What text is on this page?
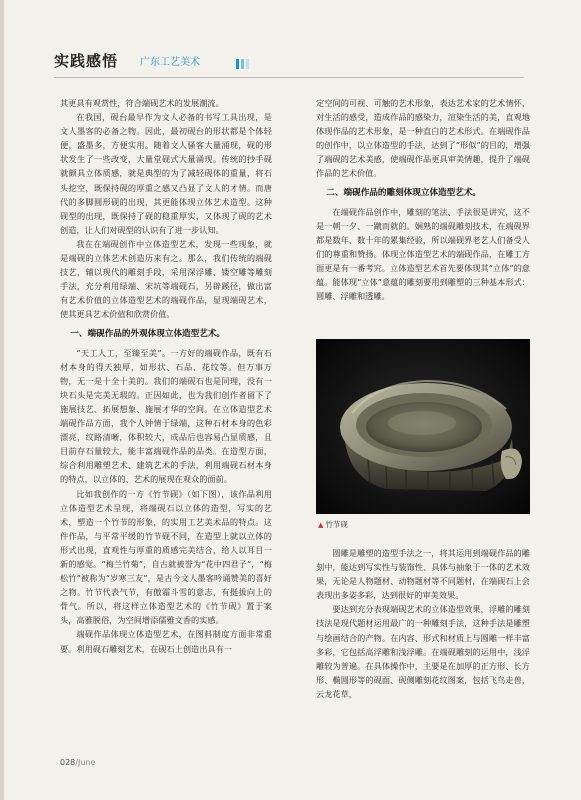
实践感悟 广东工艺美术

其更具有观赏性，符合端砚艺术的发展潮流。

在我国，砚台最早作为文人必备的书写工具出现，是文人墨客的必备之物。因此，最初砚台的形状都是个体轻便，盛墨多，方便实用。随着文人骚客大量涌现，砚的形状发生了一些改变，大量堂砚式大量涌现。传统的抄手砚就颇具立体质感，就是典型的为了减轻砚体的重量，将石头挖空，既保持砚的厚重之感又凸显了文人的才情。而唐代的多脚圆形砚的出现，其更能体现立体艺术造型。这种砚型的出现，既保持了砚的稳重厚实，又体现了砚的艺术创造，让人们对砚型的认识有了进一步认知。

我在在端砚创作中立体造型艺术，发现一些现象，就是端砚的立体艺术创造历来有之。那么，我们传统的端砚技艺，辅以现代的雕刻手段，采用深浮雕、镂空雕等雕刻手法，充分利用绿端、宋坑等端砚石，另辟蹊径，做出富有艺术价值的立体造型艺术的端砚作品，显现端砚艺术，使其更具艺术价值和欣赏价值。

一、端砚作品的外观体现立体造型艺术。

“天工人工，至臻至美”。一方好的端砚作品，既有石材本身的得天独厚，如形状、石品、花纹等。但万事万物，无一是十全十美的。我们的端砚石也是同理，没有一块石头是完美无瑕的。正因如此，也为我们创作者留下了施展技艺、拓展想象、施展才华的空间。在立体造型艺术端砚作品方面，我个人钟情于绿端，这种石材本身的色彩漂亮，纹路清晰，体积较大，成品后也容易凸显质感，且目前存石量较大，能丰富端砚作品的品类。在造型方面，综合利用雕塑艺术、建筑艺术的手法，利用端砚石材本身的特点，以立体的、艺术的展现在观众的面前。

比如我创作的一方《竹节砚》（如下图），该作品利用立体造型艺术呈现，将端砚石以立体的造型，写实的艺术，塑造一个竹节的形象，的实用工艺美术品的特点。这件作品，与平常平缓的竹节砚不同，在造型上就以立体的形式出现，直观性与厚重的质感完美结合，给人以耳目一新的感觉。“梅兰竹菊”，自古就被誉为“花中四君子”，“梅松竹”被称为“岁寒三友”，是古今文人墨客吟诵赞美的喜好之物。竹节代表气节，有傲霜斗雪的意志，有挺拔向上的骨气。所以，将这样立体造型艺术的《竹节砚》置于案头，高雅脱俗，为空间增添儒雅文香的实感。

端砚作品体现立体造型艺术，在图料制度方面非常重要。利用砚石雕刻艺术，在砚石上创造出具有一

定空间的可视、可触的艺术形象，表达艺术家的艺术情怀，对生活的感受，造成作品的感染力，渲染生活的美，直观地体现作品的艺术形象，是一种直白的艺术形式。在端砚作品的创作中，以立体造型的手法，达到了“形似”的目的，增强了端砚的艺术美感，使端砚作品更具审美情趣，提升了端砚作品的艺术价值。

二、端砚作品的雕刻体现立体造型艺术。

在端砚作品创作中，雕刻的笔法、手法很是讲究，这不是一朝一夕、一蹴而就的。娴熟的端砚雕刻技术，在端砚界都是数年、数十年的累集经验，所以端砚界老艺人们备受人们的尊重和赞扬。体现立体造型艺术的端砚作品，在雕工方面更是有一番考究。立体造型艺术首先要体现其“立体”的意蕴。能体现“立体”意蕴的雕刻要用到雕塑的三种基本形式：圆雕、浮雕和透雕。

▲ 竹节砚

圆雕是雕塑的造型手法之一，将其运用到端砚作品的雕刻中，能达到写实性与装饰性、具体与抽象于一体的艺术效果，无论是人物题材、动物题材等不同题材，在端砚石上会表现出多姿多彩，达到很好的审美效果。

要达到充分表现端砚艺术的立体造型效果，浮雕的雕刻技法是现代题材运用最广的一种雕刻手法，这种手法是雕塑与绘画结合的产物。在内容、形式和材质上与圆雕一样丰富多彩，它包括高浮雕和浅浮雕。在端砚雕刻的运用中，浅浮雕较为普遍。在具体操作中，主要是在加厚的正方形、长方形、椭圆形等的砚面、砚侧雕刻花纹图案，包括飞鸟走兽，云龙花草，

028/June
